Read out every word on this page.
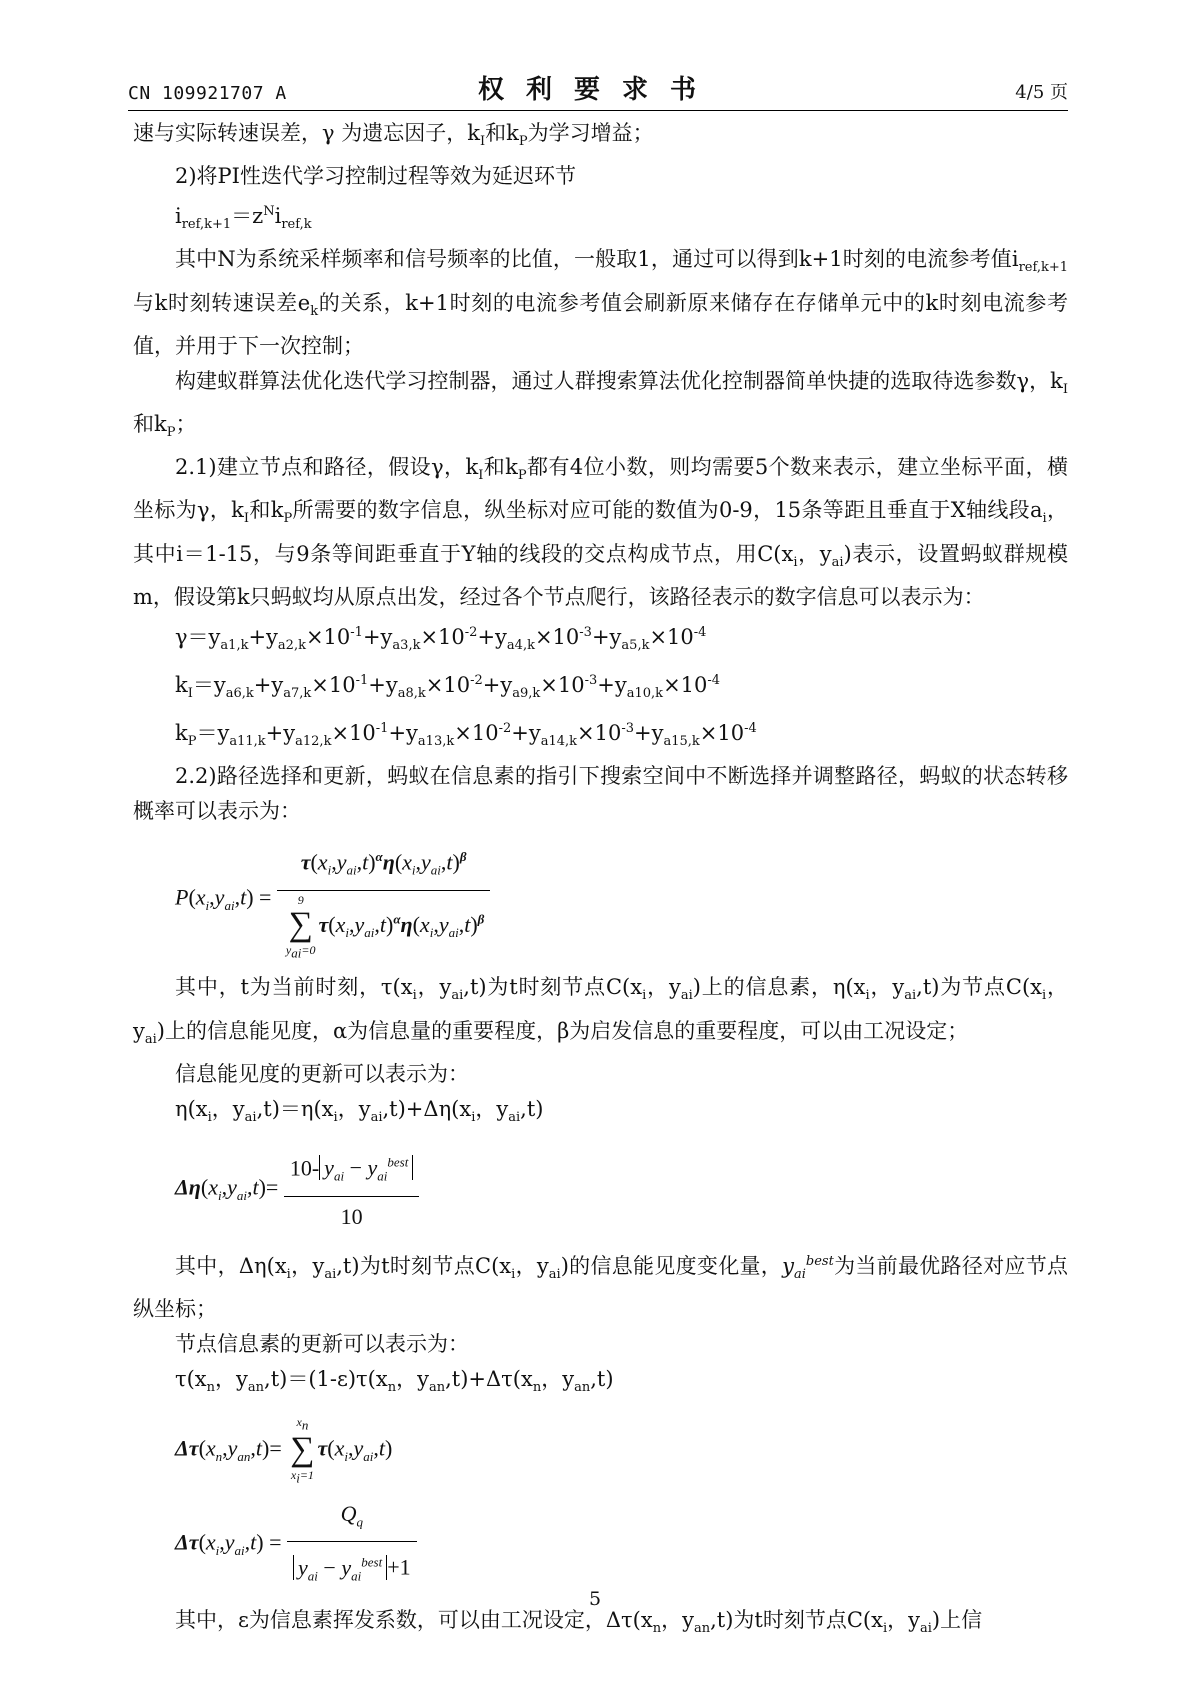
CN 109921707 A	权利要求书	4/5 页

速与实际转速误差，γ 为遗忘因子，$k_I$和$k_P$为学习增益；

2)将PI性迭代学习控制过程等效为延迟环节

$i_{ref,k+1}=z^Ni_{ref,k}$

其中N为系统采样频率和信号频率的比值，一般取1，通过可以得到k+1时刻的电流参考值$i_{ref,k+1}$与k时刻转速误差$e_k$的关系，k+1时刻的电流参考值会刷新原来储存在存储单元中的k时刻电流参考值，并用于下一次控制；

构建蚁群算法优化迭代学习控制器，通过人群搜索算法优化控制器简单快捷的选取待选参数γ，$k_I$和$k_P$；

2.1)建立节点和路径，假设γ，$k_I$和$k_P$都有4位小数，则均需要5个数来表示，建立坐标平面，横坐标为γ，$k_I$和$k_P$所需要的数字信息，纵坐标对应可能的数值为0-9，15条等距且垂直于X轴线段$a_i$，其中i＝1-15，与9条等间距垂直于Y轴的线段的交点构成节点，用$C(x_i$，$y_{ai}$)表示，设置蚂蚁群规模m，假设第k只蚂蚁均从原点出发，经过各个节点爬行，该路径表示的数字信息可以表示为：

$\gamma=y_{a1,k}+y_{a2,k}\times 10^{-1}+y_{a3,k}\times 10^{-2}+y_{a4,k}\times 10^{-3}+y_{a5,k}\times 10^{-4}$

$k_I=y_{a6,k}+y_{a7,k}\times 10^{-1}+y_{a8,k}\times 10^{-2}+y_{a9,k}\times 10^{-3}+y_{a10,k}\times 10^{-4}$

$k_P=y_{a11,k}+y_{a12,k}\times 10^{-1}+y_{a13,k}\times 10^{-2}+y_{a14,k}\times 10^{-3}+y_{a15,k}\times 10^{-4}$

2.2)路径选择和更新，蚂蚁在信息素的指引下搜索空间中不断选择并调整路径，蚂蚁的状态转移概率可以表示为：

$P(x_i,y_{ai},t) = \tau(x_i,y_{ai},t)^\alpha\eta(x_i,y_{ai},t)^\beta$
9
∑
$y_{ai}=0$
$\tau(x_i,y_{ai},t)^\alpha\eta(x_i,y_{ai},t)^\beta$

其中，t为当前时刻，$\tau(x_i$，$y_{ai},t$)为t时刻节点$C(x_i$，$y_{ai}$)上的信息素，$\eta(x_i$，$y_{ai},t$)为节点$C(x_i$，$y_{ai}$)上的信息能见度，α为信息量的重要程度，β为启发信息的重要程度，可以由工况设定；

信息能见度的更新可以表示为：

$\eta(x_i$，$y_{ai},t)=\eta(x_i$，$y_{ai},t)+\Delta\eta(x_i$，$y_{ai},t$)

$\Delta\eta(x_i,y_{ai},t)= \frac{10- y_{ai} - y_{ai}^{best}}{10}$

其中，$\Delta\eta(x_i$，$y_{ai},t$)为t时刻节点$C(x_i$，$y_{ai}$)的信息能见度变化量，$y_{ai}^{best}$为当前最优路径对应节点纵坐标；

节点信息素的更新可以表示为：

$\tau(x_n$，$y_{an},t)=(1-\varepsilon)\tau(x_n$，$y_{an},t)+\Delta\tau(x_n$，$y_{an},t$)

$\Delta\tau(x_n,y_{an},t)=$
$x_n$
∑
$x_i=1$
$\tau(x_i,y_{ai},t)$
$\Delta\tau(x_i,y_{ai},t) = \frac{Q_q}{y_{ai} - y_{ai}^{best} +1}$

其中，ε为信息素挥发系数，可以由工况设定，$\Delta\tau(x_n$，$y_{an},t$)为t时刻节点$C(x_i$，$y_{ai}$)上信

5
